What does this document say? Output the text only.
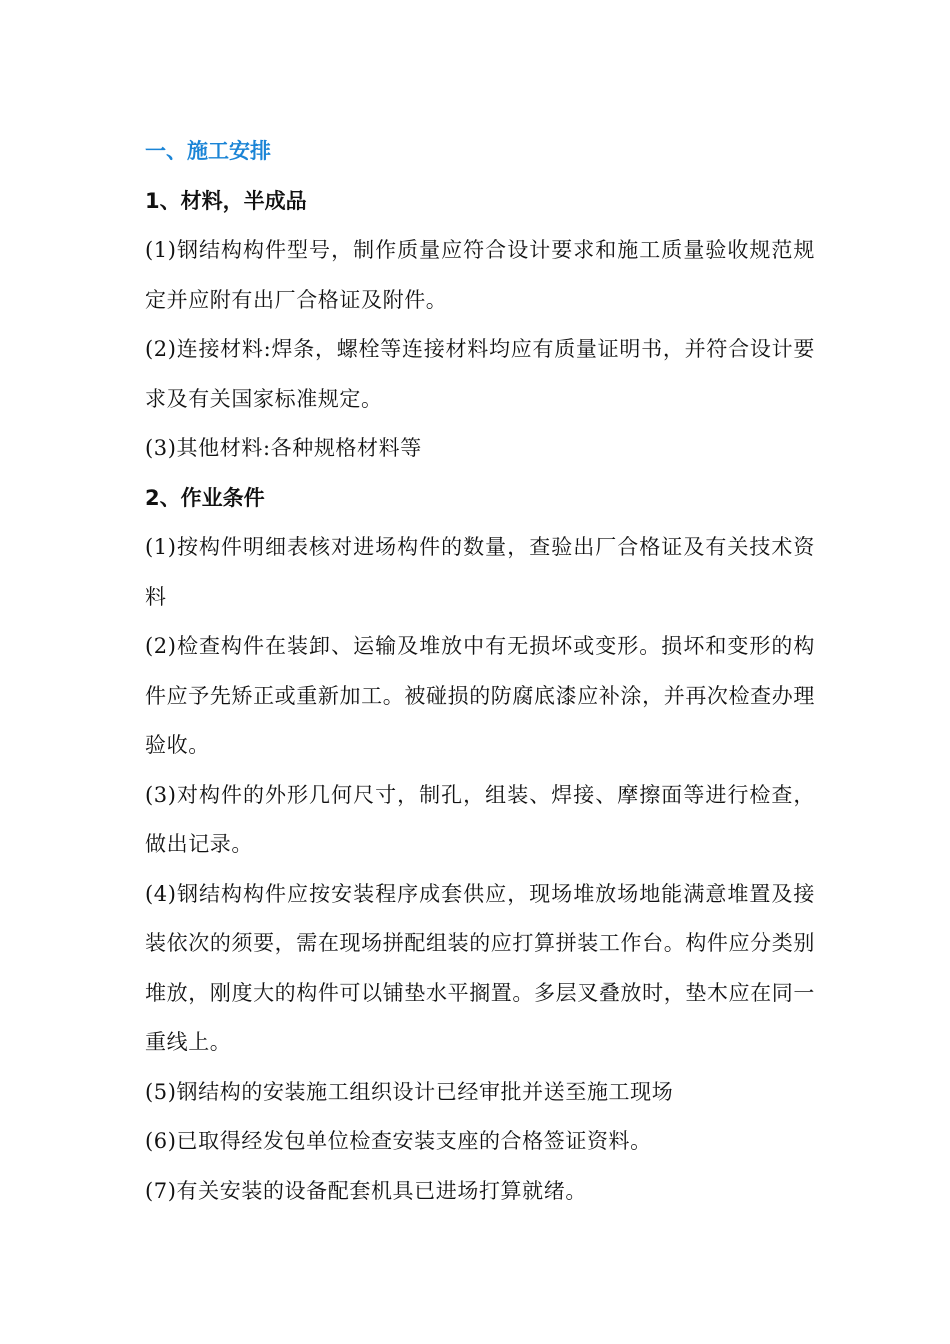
一、施工安排
1、材料，半成品

(1)钢结构构件型号，制作质量应符合设计要求和施工质量验收规范规定并应附有出厂合格证及附件。

(2)连接材料:焊条，螺栓等连接材料均应有质量证明书，并符合设计要求及有关国家标准规定。

(3)其他材料:各种规格材料等

2、作业条件

(1)按构件明细表核对进场构件的数量，查验出厂合格证及有关技术资料

(2)检查构件在装卸、运输及堆放中有无损坏或变形。损坏和变形的构件应予先矫正或重新加工。被碰损的防腐底漆应补涂，并再次检查办理验收。

(3)对构件的外形几何尺寸，制孔，组装、焊接、摩擦面等进行检查，做出记录。

(4)钢结构构件应按安装程序成套供应，现场堆放场地能满意堆置及接装依次的须要，需在现场拼配组装的应打算拼装工作台。构件应分类别堆放，刚度大的构件可以铺垫水平搁置。多层叉叠放时，垫木应在同一重线上。

(5)钢结构的安装施工组织设计已经审批并送至施工现场

(6)已取得经发包单位检查安装支座的合格签证资料。

(7)有关安装的设备配套机具已进场打算就绪。
